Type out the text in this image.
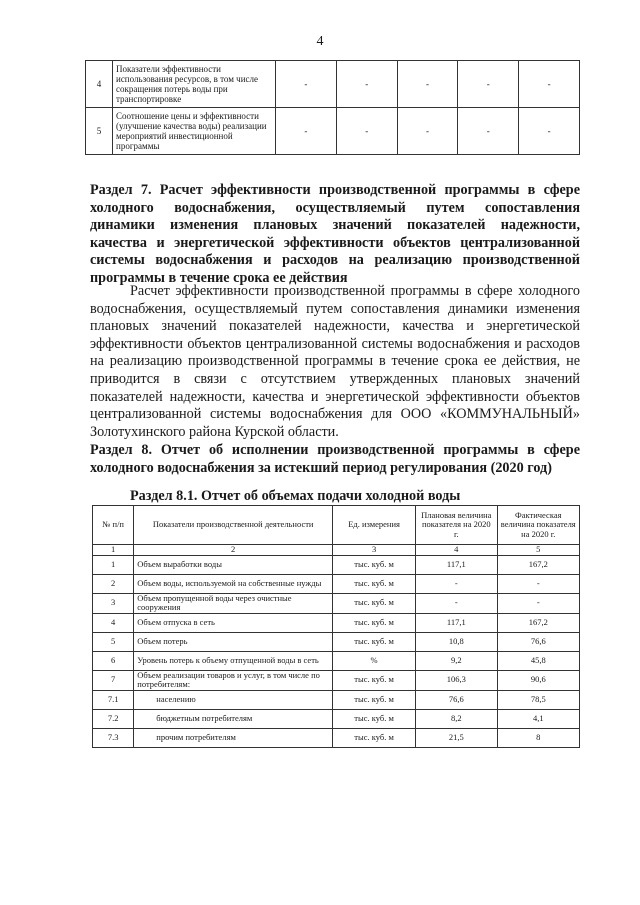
4
4	Показатели эффективности использования ресурсов, в том числе сокращения потерь воды при транспортировке	-	-	-	-	-
5	Соотношение цены и эффективности (улучшение качества воды) реализации мероприятий инвестиционной программы	-	-	-	-	-

Раздел 7. Расчет эффективности производственной программы в сфере холодного водоснабжения, осуществляемый путем сопоставления динамики изменения плановых значений показателей надежности, качества и энергетической эффективности объектов централизованной системы водоснабжения и расходов на реализацию производственной программы в течение срока ее действия

Расчет эффективности производственной программы в сфере холодного водоснабжения, осуществляемый путем сопоставления динамики изменения плановых значений показателей надежности, качества и энергетической эффективности объектов централизованной системы водоснабжения и расходов на реализацию производственной программы в течение срока ее действия, не приводится в связи с отсутствием утвержденных плановых значений показателей надежности, качества и энергетической эффективности объектов централизованной системы водоснабжения для ООО «КОММУНАЛЬНЫЙ» Золотухинского района Курской области.

Раздел 8. Отчет об исполнении производственной программы в сфере холодного водоснабжения за истекший период регулирования (2020 год)

Раздел 8.1. Отчет об объемах подачи холодной воды

№ п/п	Показатели производственной деятельности	Ед. измерения	Плановая величина показателя на 2020 г.	Фактическая величина показателя на 2020 г.
1	2	3	4	5
1	Объем выработки воды	тыс. куб. м	117,1	167,2
2	Объем воды, используемой на собственные нужды	тыс. куб. м	-	-
3	Объем пропущенной воды через очистные сооружения	тыс. куб. м	-	-
4	Объем отпуска в сеть	тыс. куб. м	117,1	167,2
5	Объем потерь	тыс. куб. м	10,8	76,6
6	Уровень потерь к объему отпущенной воды в сеть	%	9,2	45,8
7	Объем реализации товаров и услуг, в том числе по потребителям:	тыс. куб. м	106,3	90,6
7.1	населению	тыс. куб. м	76,6	78,5
7.2	бюджетным потребителям	тыс. куб. м	8,2	4,1
7.3	прочим потребителям	тыс. куб. м	21,5	8
